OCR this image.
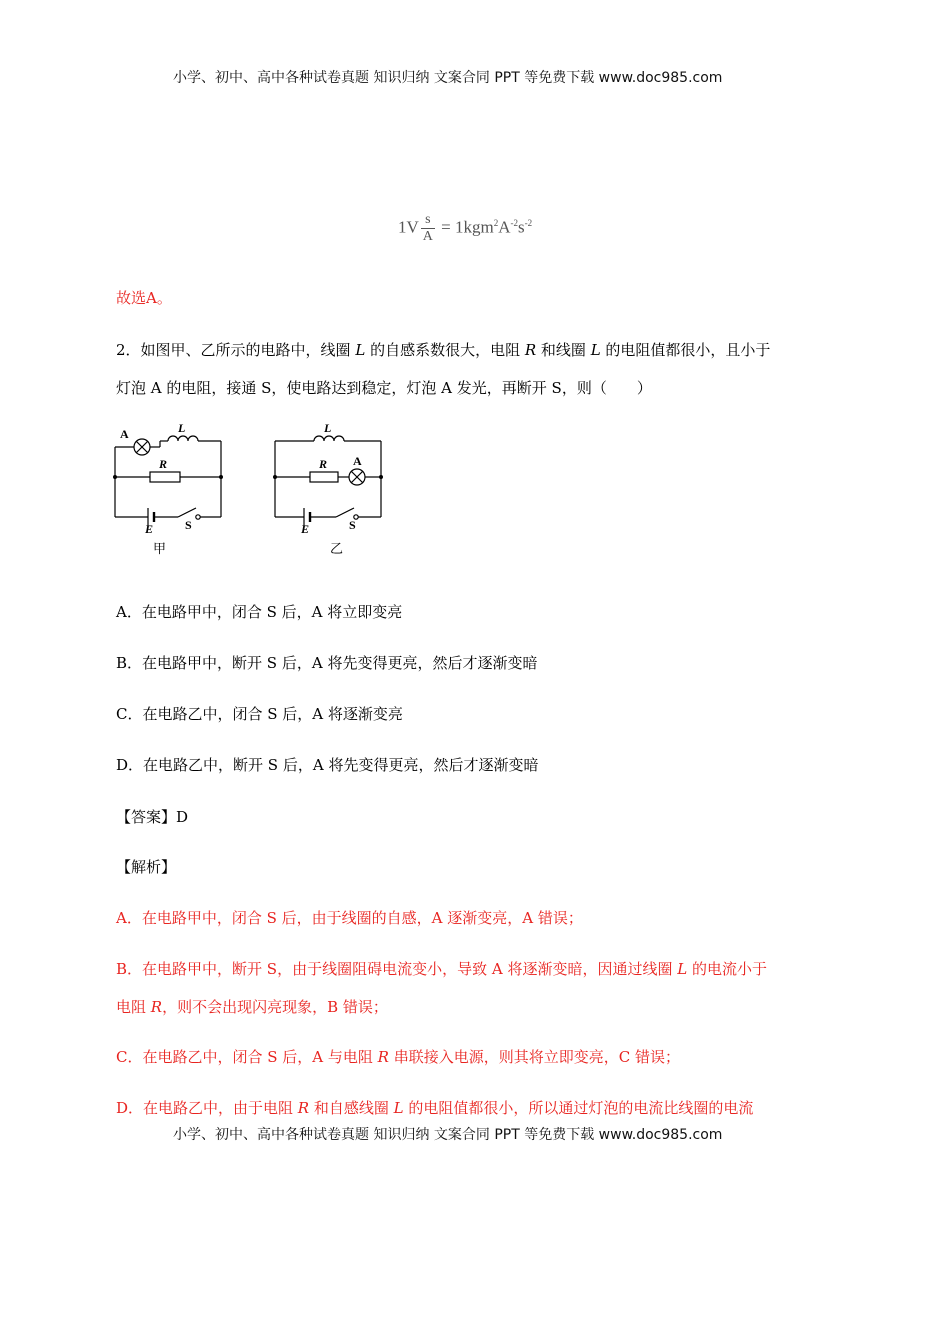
小学、初中、高中各种试卷真题 知识归纳 文案合同 PPT 等免费下载 www.doc985.com
$1V \frac{s}{A} = 1kgm^2A^{-2}s^{-2}$
故选A。
2．如图甲、乙所示的电路中，线圈 L 的自感系数很大，电阻 R 和线圈 L 的电阻值都很小，且小于
灯泡 A 的电阻，接通 S，使电路达到稳定，灯泡 A 发光，再断开 S，则（　　）
A	L
R
E	S
甲
L
R A
E	S
乙
A．在电路甲中，闭合 S 后，A 将立即变亮
B．在电路甲中，断开 S 后，A 将先变得更亮，然后才逐渐变暗
C．在电路乙中，闭合 S 后，A 将逐渐变亮
D．在电路乙中，断开 S 后，A 将先变得更亮，然后才逐渐变暗
【答案】D
【解析】
A．在电路甲中，闭合 S 后，由于线圈的自感，A 逐渐变亮，A 错误；
B．在电路甲中，断开 S，由于线圈阻碍电流变小，导致 A 将逐渐变暗，因通过线圈 L 的电流小于
电阻 R，则不会出现闪亮现象，B 错误；
C．在电路乙中，闭合 S 后，A 与电阻 R 串联接入电源，则其将立即变亮，C 错误；
D．在电路乙中，由于电阻 R 和自感线圈 L 的电阻值都很小，所以通过灯泡的电流比线圈的电流
小学、初中、高中各种试卷真题 知识归纳 文案合同 PPT 等免费下载 www.doc985.com
